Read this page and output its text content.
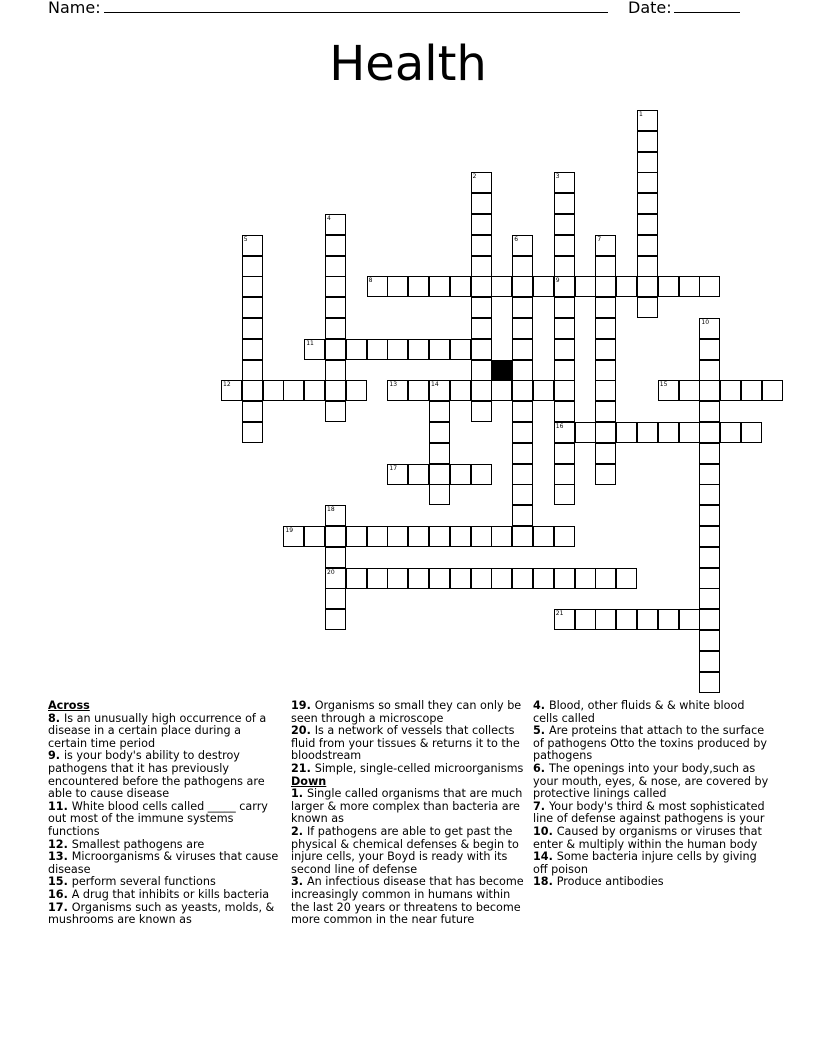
Name:	Date:
Health
1
2	3
9
16
4
5	6	7
8
10
11
12	13	14	15
17
18
20
19
21
Across
8. Is an unusually high occurrence of a disease in a certain place during a certain time period
9. is your body's ability to destroy pathogens that it has previously encountered before the pathogens are able to cause disease
11. White blood cells called _____ carry out most of the immune systems functions
12. Smallest pathogens are
13. Microorganisms & viruses that cause disease
15. perform several functions
16. A drug that inhibits or kills bacteria
17. Organisms such as yeasts, molds, & mushrooms are known as
19. Organisms so small they can only be seen through a microscope
20. Is a network of vessels that collects fluid from your tissues & returns it to the bloodstream
21. Simple, single-celled microorganisms
Down
1. Single called organisms that are much larger & more complex than bacteria are known as
2. If pathogens are able to get past the physical & chemical defenses & begin to injure cells, your Boyd is ready with its second line of defense
3. An infectious disease that has become increasingly common in humans within the last 20 years or threatens to become more common in the near future
4. Blood, other fluids & & white blood cells called
5. Are proteins that attach to the surface of pathogens Otto the toxins produced by pathogens
6. The openings into your body,such as your mouth, eyes, & nose, are covered by protective linings called
7. Your body's third & most sophisticated line of defense against pathogens is your
10. Caused by organisms or viruses that enter & multiply within the human body
14. Some bacteria injure cells by giving off poison
18. Produce antibodies
